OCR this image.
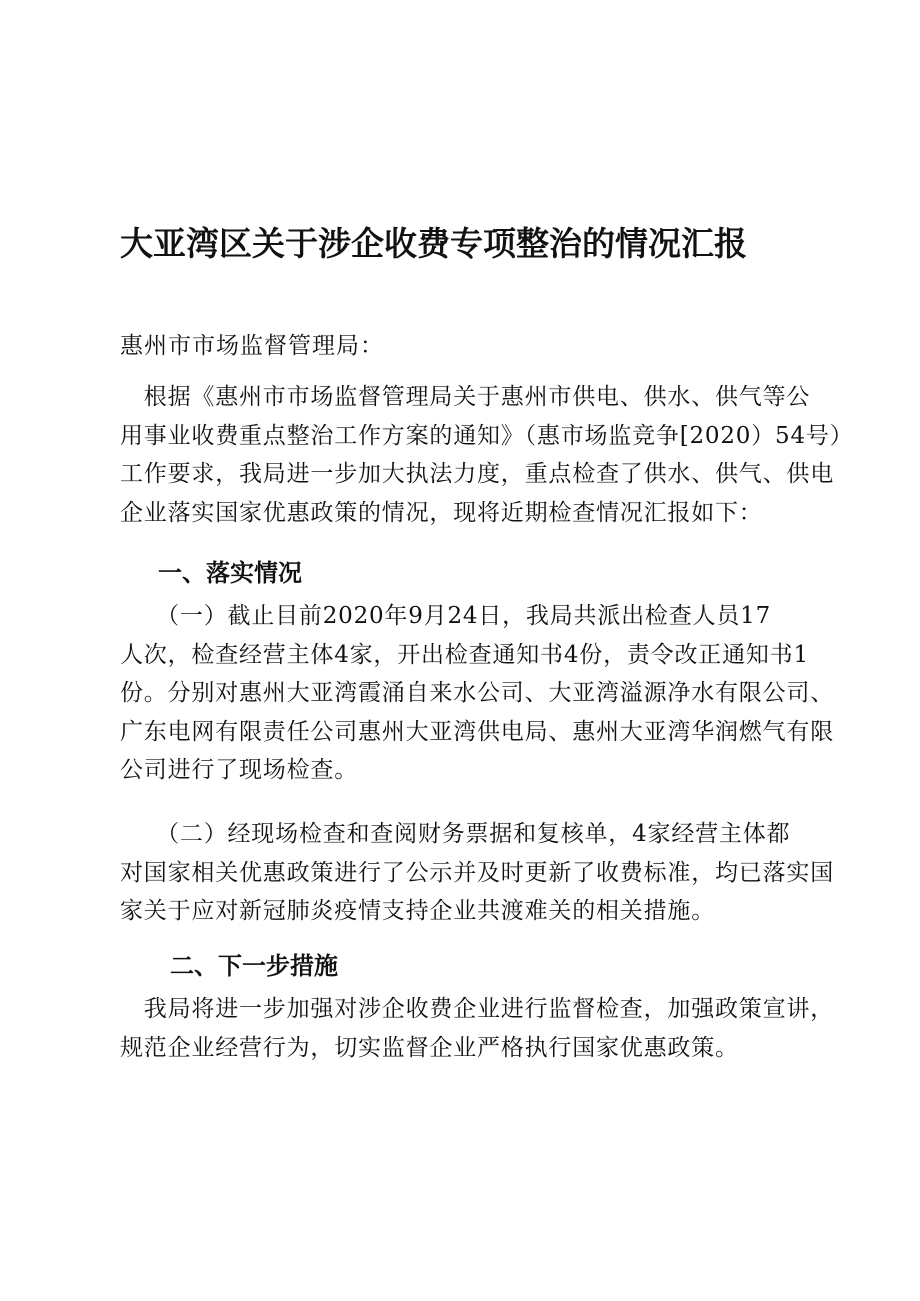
大亚湾区关于涉企收费专项整治的情况汇报
惠州市市场监督管理局：
　根据《惠州市市场监督管理局关于惠州市供电、供水、供气等公
用事业收费重点整治工作方案的通知》（惠市场监竞争[2020）54号）
工作要求，我局进一步加大执法力度，重点检查了供水、供气、供电
企业落实国家优惠政策的情况，现将近期检查情况汇报如下：
一、落实情况
　　（一）截止目前2020年9月24日，我局共派出检查人员17
人次，检查经营主体4家，开出检查通知书4份，责令改正通知书1
份。分别对惠州大亚湾霞涌自来水公司、大亚湾溢源净水有限公司、
广东电网有限责任公司惠州大亚湾供电局、惠州大亚湾华润燃气有限
公司进行了现场检查。
　　（二）经现场检查和查阅财务票据和复核单，4家经营主体都
对国家相关优惠政策进行了公示并及时更新了收费标准，均已落实国
家关于应对新冠肺炎疫情支持企业共渡难关的相关措施。
二、下一步措施
　我局将进一步加强对涉企收费企业进行监督检查，加强政策宣讲，
规范企业经营行为，切实监督企业严格执行国家优惠政策。
